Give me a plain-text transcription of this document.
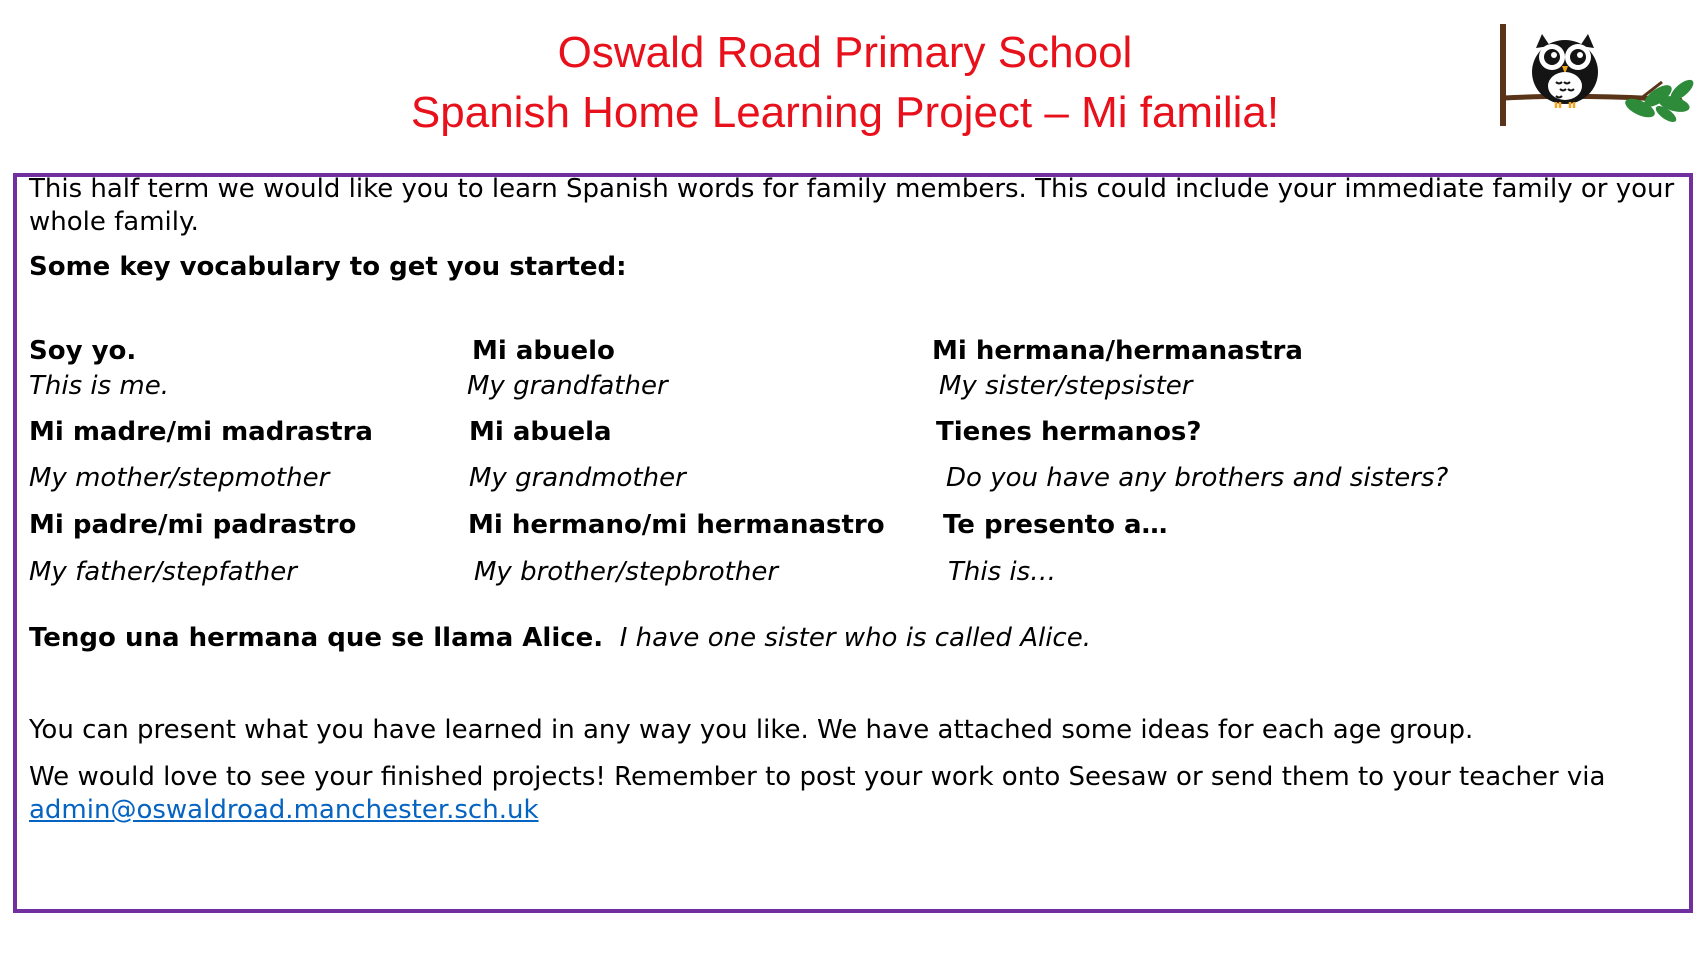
Oswald Road Primary School
Spanish Home Learning Project – Mi familia!

This half term we would like you to learn Spanish words for family members. This could include your immediate family or your

whole family.

Some key vocabulary to get you started:

Soy yo.

This is me.

Mi madre/mi madrastra

My mother/stepmother

Mi padre/mi padrastro

My father/stepfather

Mi abuelo

My grandfather

Mi abuela

My grandmother

Mi hermano/mi hermanastro

My brother/stepbrother

Mi hermana/hermanastra

My sister/stepsister

Tienes hermanos?

Do you have any brothers and sisters?

Te presento a…

This is…

Tengo una hermana que se llama Alice. I have one sister who is called Alice.

You can present what you have learned in any way you like. We have attached some ideas for each age group.

We would love to see your finished projects! Remember to post your work onto Seesaw or send them to your teacher via

admin@oswaldroad.manchester.sch.uk
